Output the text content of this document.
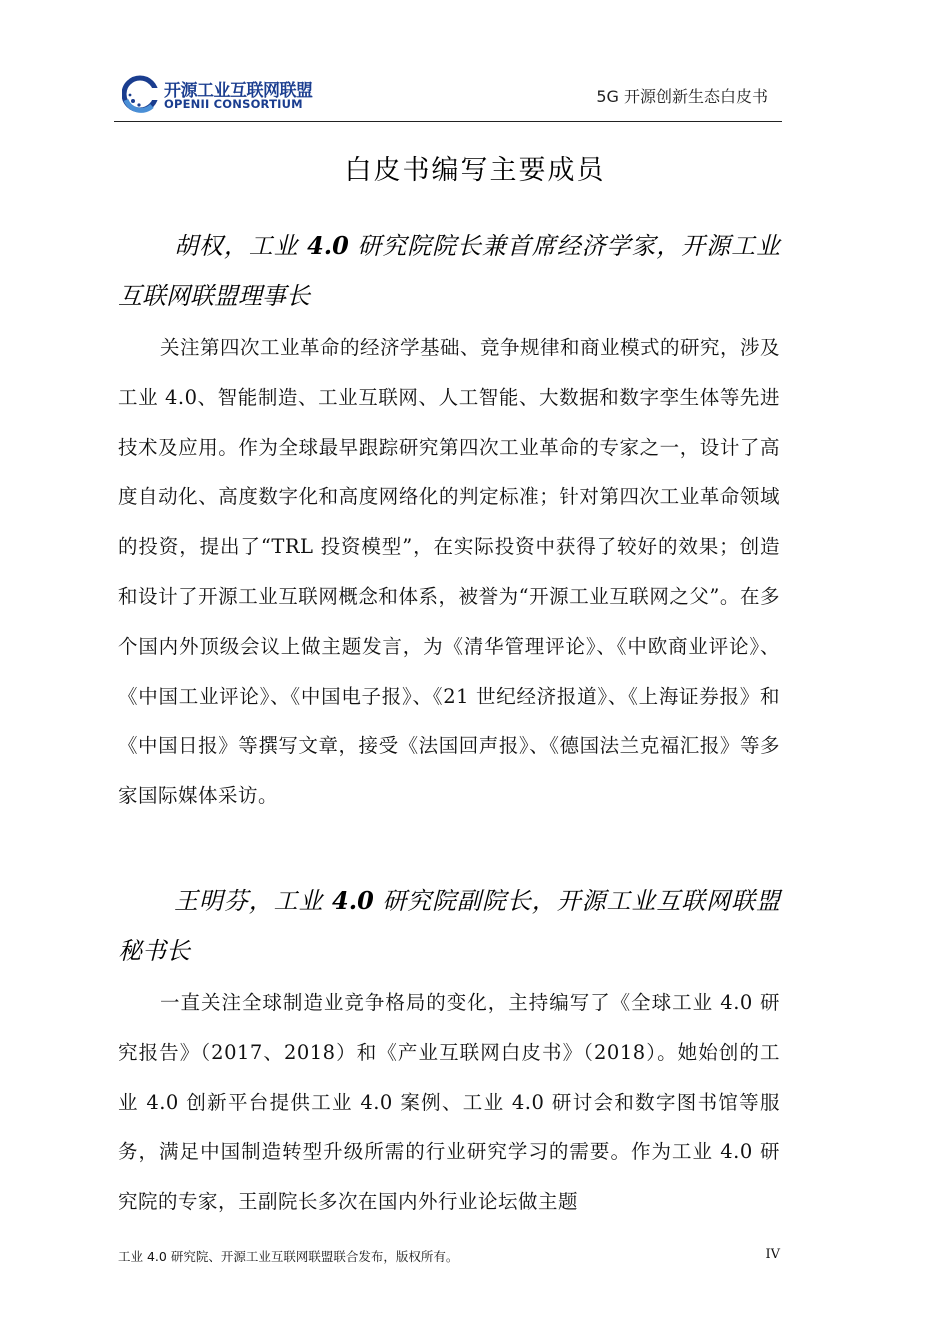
开源工业互联网联盟
OPENII CONSORTIUM	5G 开源创新生态白皮书
白皮书编写主要成员
胡权，工业 4.0 研究院院长兼首席经济学家，开源工业互联网联盟理事长
关注第四次工业革命的经济学基础、竞争规律和商业模式的研究，涉及工业 4.0、智能制造、工业互联网、人工智能、大数据和数字孪生体等先进技术及应用。作为全球最早跟踪研究第四次工业革命的专家之一，设计了高度自动化、高度数字化和高度网络化的判定标准；针对第四次工业革命领域的投资，提出了“TRL 投资模型”，在实际投资中获得了较好的效果；创造和设计了开源工业互联网概念和体系，被誉为“开源工业互联网之父”。在多个国内外顶级会议上做主题发言，为《清华管理评论》、《中欧商业评论》、《中国工业评论》、《中国电子报》、《21 世纪经济报道》、《上海证券报》和《中国日报》等撰写文章，接受《法国回声报》、《德国法兰克福汇报》等多家国际媒体采访。
王明芬，工业 4.0 研究院副院长，开源工业互联网联盟秘书长
一直关注全球制造业竞争格局的变化，主持编写了《全球工业 4.0 研究报告》（2017、2018）和《产业互联网白皮书》（2018）。她始创的工业 4.0 创新平台提供工业 4.0 案例、工业 4.0 研讨会和数字图书馆等服务，满足中国制造转型升级所需的行业研究学习的需要。作为工业 4.0 研究院的专家，王副院长多次在国内外行业论坛做主题
工业 4.0 研究院、开源工业互联网联盟联合发布，版权所有。	IV
